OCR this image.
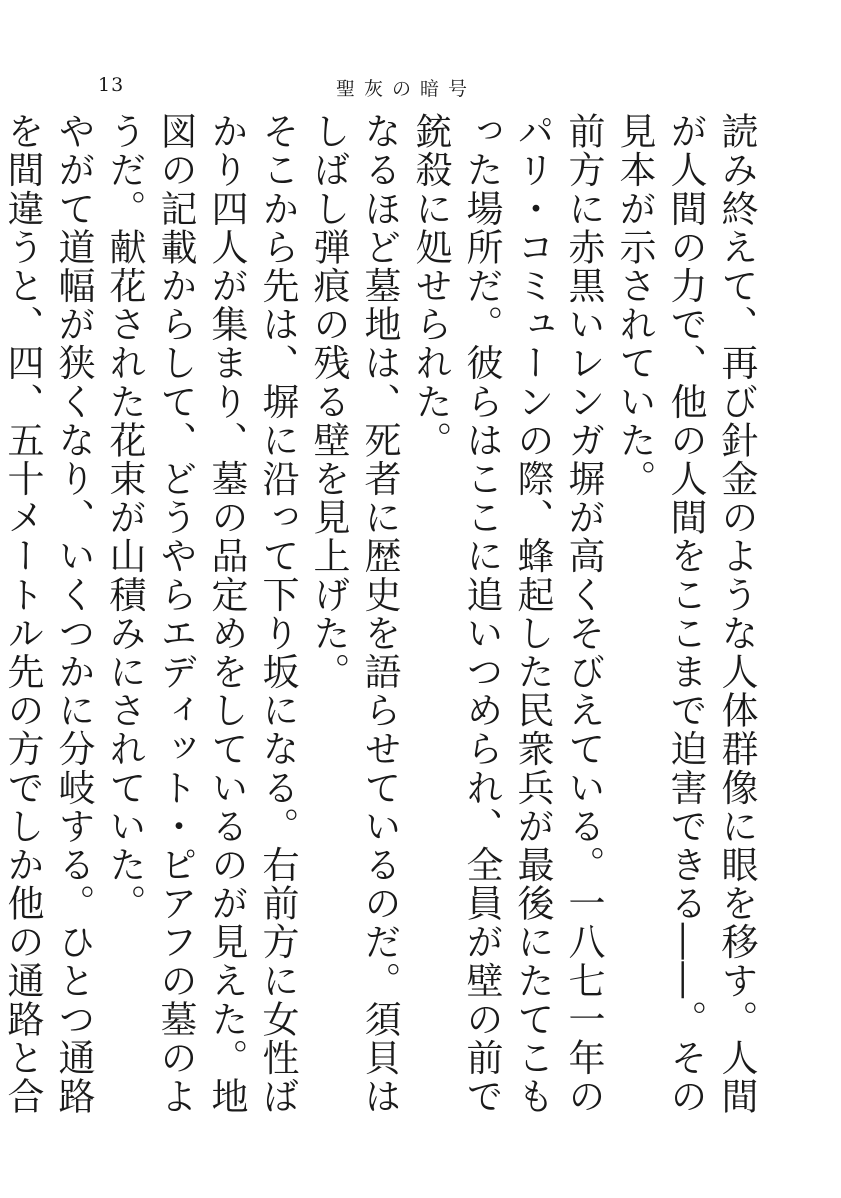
13	聖灰の暗号

読み終えて、再び針金のような人体群像に眼を移す。人間が人間の力で、他の人間をここまで迫害できる――。その見本が示されていた。

前方に赤黒いレンガ塀が高くそびえている。一八七一年のパリ・コミューンの際、蜂起した民衆兵が最後にたてこもった場所だ。彼らはここに追いつめられ、全員が壁の前で銃殺に処せられた。

なるほど墓地は、死者に歴史を語らせているのだ。須貝はしばし弾痕の残る壁を見上げた。

そこから先は、塀に沿って下り坂になる。右前方に女性ばかり四人が集まり、墓の品定めをしているのが見えた。地図の記載からして、どうやらエディット・ピアフの墓のようだ。献花された花束が山積みにされていた。

やがて道幅が狭くなり、いくつかに分岐する。ひとつ通路を間違うと、四、五十メートル先の方でしか他の通路と合
